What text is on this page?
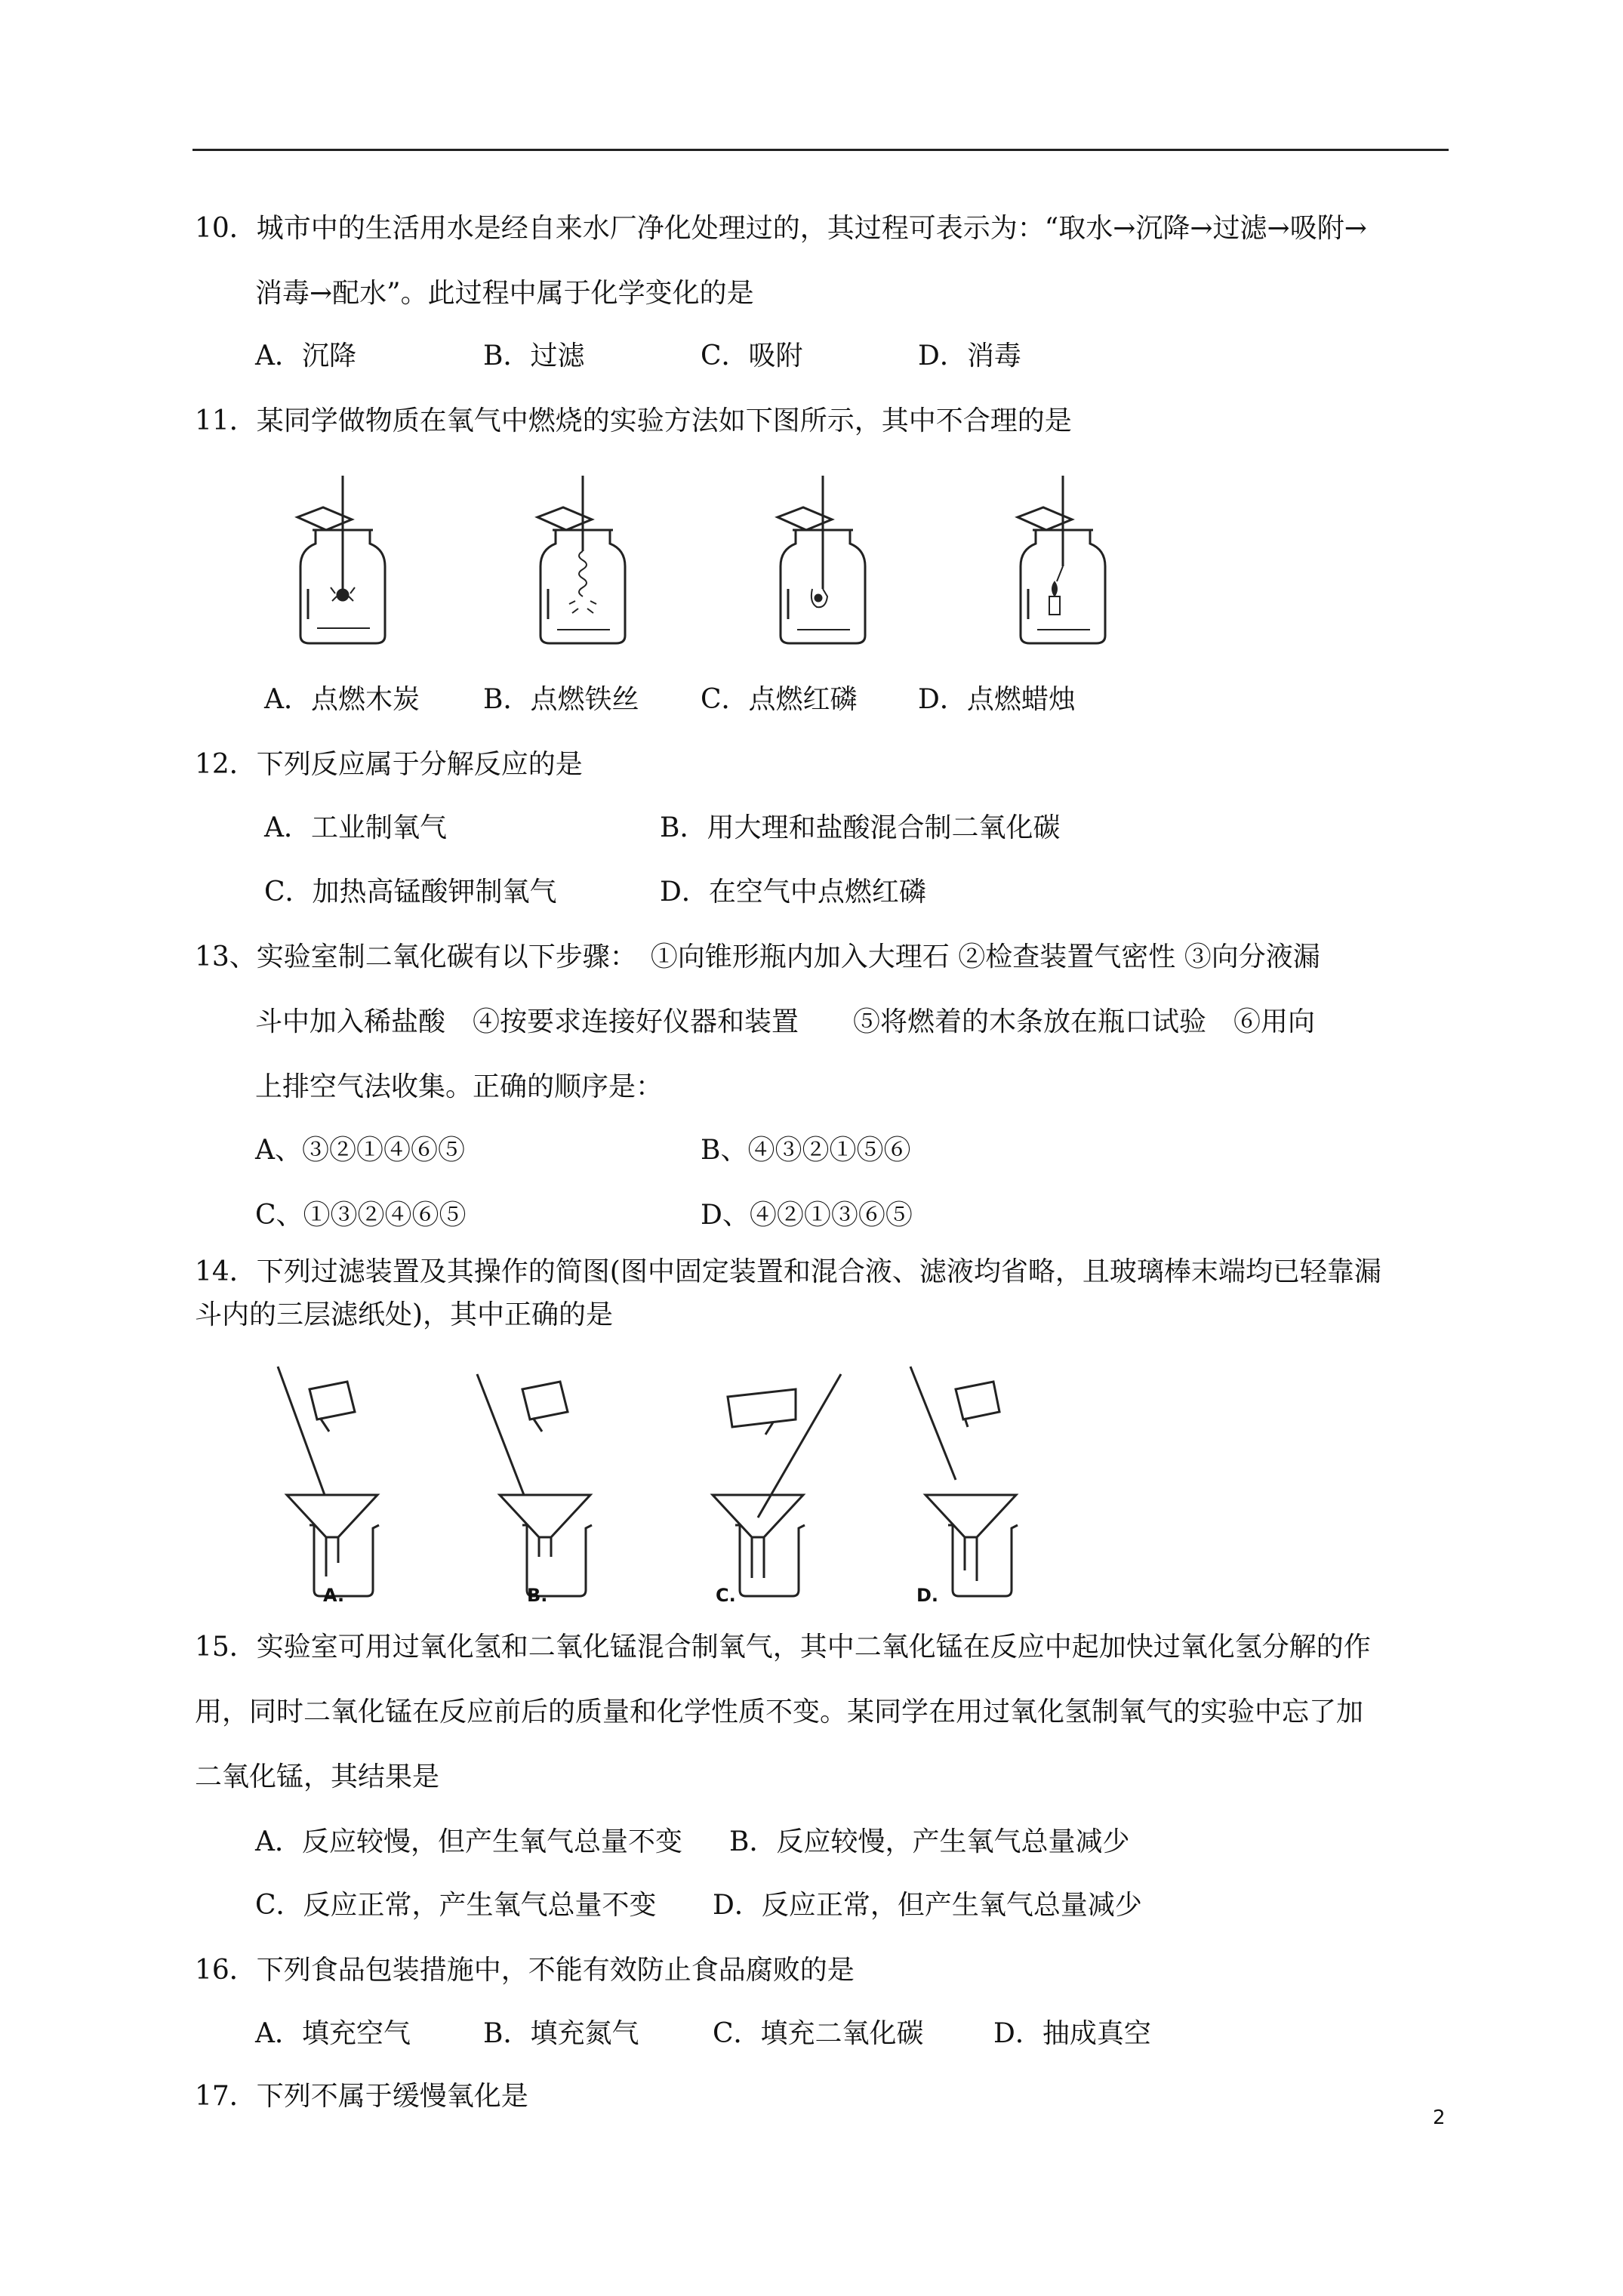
10．城市中的生活用水是经自来水厂净化处理过的，其过程可表示为：“取水→沉降→过滤→吸附→
消毒→配水”。此过程中属于化学变化的是
A．沉降	B．过滤	C．吸附	D．消毒
11．某同学做物质在氧气中燃烧的实验方法如下图所示，其中不合理的是
A．点燃木炭 B．点燃铁丝 C．点燃红磷 D．点燃蜡烛
12．下列反应属于分解反应的是
A．工业制氧气	B．用大理和盐酸混合制二氧化碳
C．加热高锰酸钾制氧气	D．在空气中点燃红磷
13、实验室制二氧化碳有以下步骤：　①向锥形瓶内加入大理石 ②检查装置气密性 ③向分液漏
斗中加入稀盐酸　④按要求连接好仪器和装置　　⑤将燃着的木条放在瓶口试验　⑥用向
上排空气法收集。正确的顺序是：
A、③②①④⑥⑤	B、④③②①⑤⑥
C、①③②④⑥⑤	D、④②①③⑥⑤
14．下列过滤装置及其操作的简图(图中固定装置和混合液、滤液均省略，且玻璃棒末端均已轻靠漏
斗内的三层滤纸处)，其中正确的是
A.	B.	C.	D.
15．实验室可用过氧化氢和二氧化锰混合制氧气，其中二氧化锰在反应中起加快过氧化氢分解的作
用，同时二氧化锰在反应前后的质量和化学性质不变。某同学在用过氧化氢制氧气的实验中忘了加
二氧化锰，其结果是
A．反应较慢，但产生氧气总量不变 B．反应较慢，产生氧气总量减少
C．反应正常，产生氧气总量不变 D．反应正常，但产生氧气总量减少
16．下列食品包装措施中，不能有效防止食品腐败的是
A．填充空气	B．填充氮气	C．填充二氧化碳	D．抽成真空
17．下列不属于缓慢氧化是
2
